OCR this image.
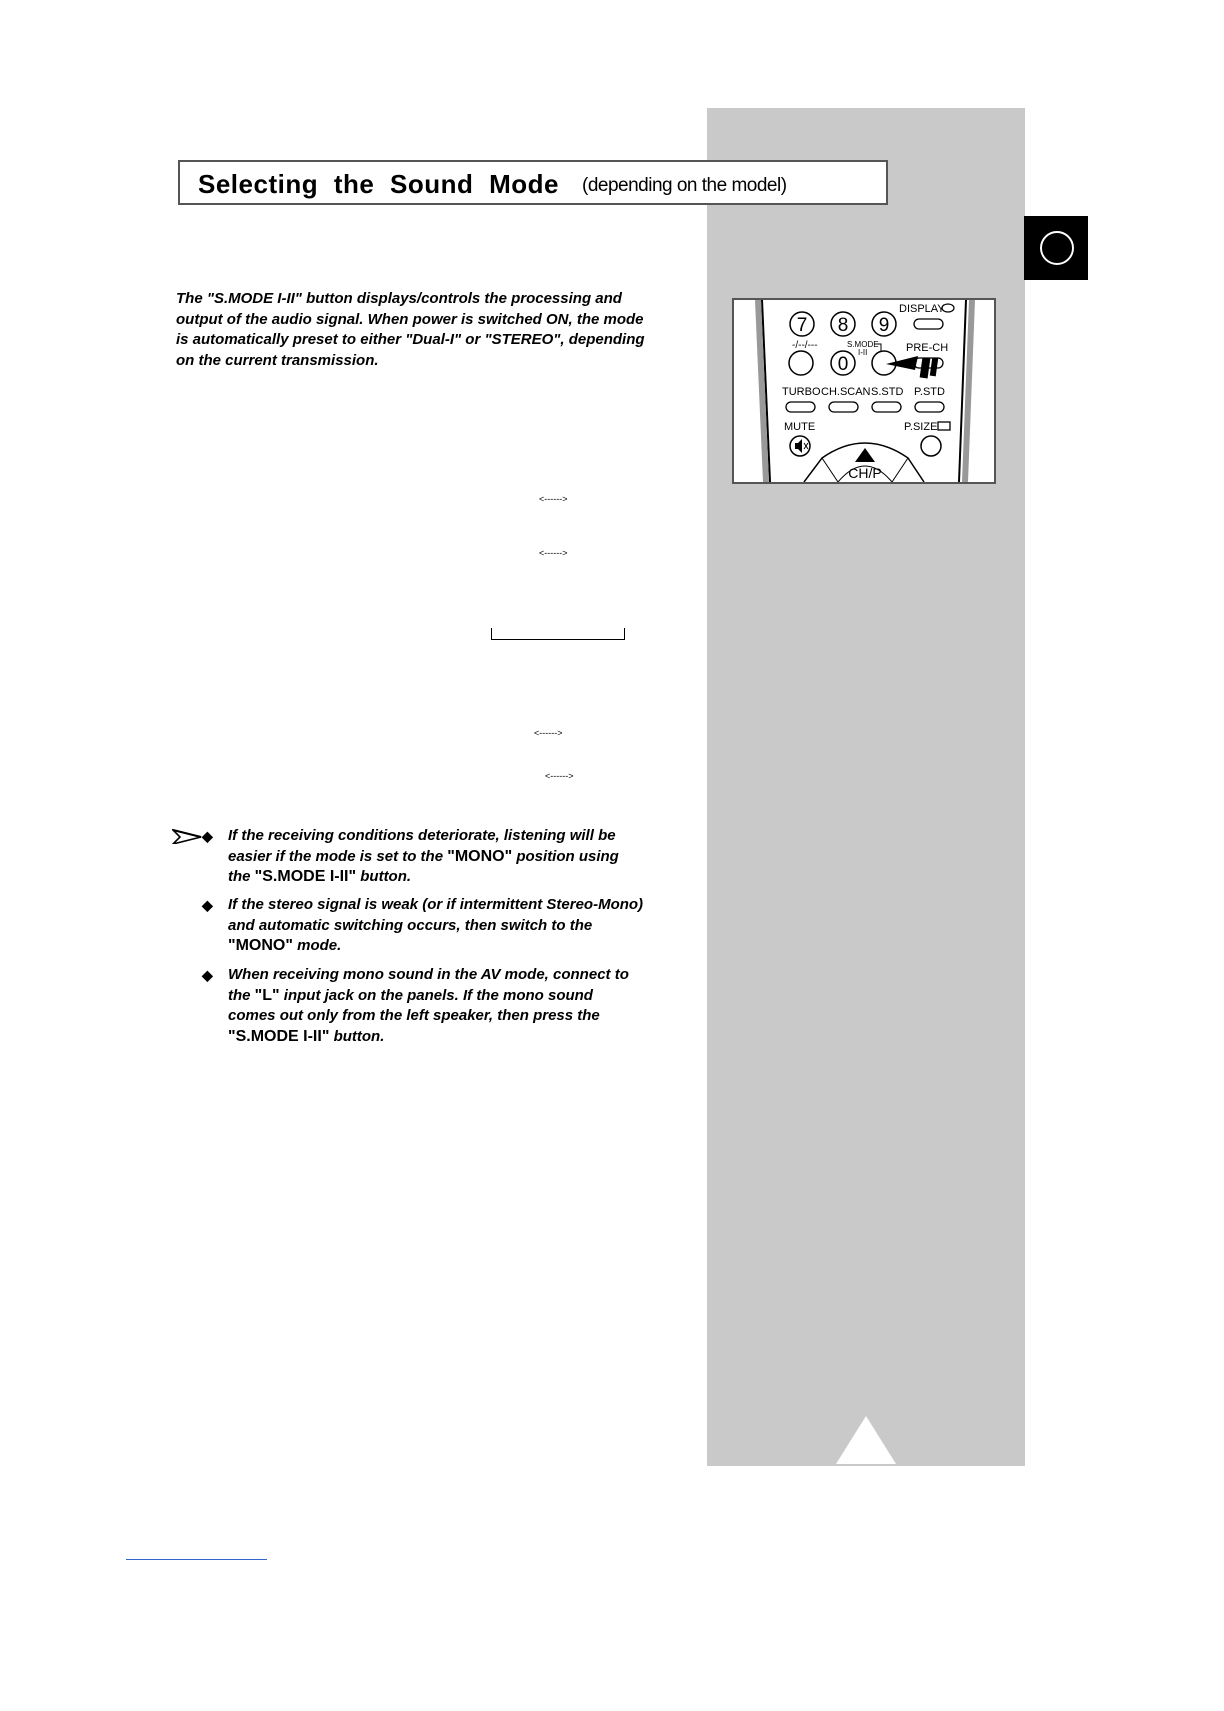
Selecting the Sound Mode (depending on the model)

The "S.MODE I-II" button displays/controls the processing and

output of the audio signal. When power is switched ON, the mode

is automatically preset to either "Dual-I" or "STEREO", depending

on the current transmission.

<------>
<------>
<------>
<------>
◆ If the receiving conditions deteriorate, listening will be

easier if the mode is set to the "MONO" position using

the "S.MODE I-II" button.

◆ If the stereo signal is weak (or if intermittent Stereo-Mono)

and automatic switching occurs, then switch to the

"MONO" mode.

◆ When receiving mono sound in the AV mode, connect to

the "L" input jack on the panels. If the mono sound

comes out only from the left speaker, then press the

"S.MODE I-II" button.

7 8 9
DISPLAY
-/--/---
0
S.MODE
I-II	PRE-CH
TURBO CH.SCAN S.STD P.STD
MUTE	P.SIZE
CH/P
